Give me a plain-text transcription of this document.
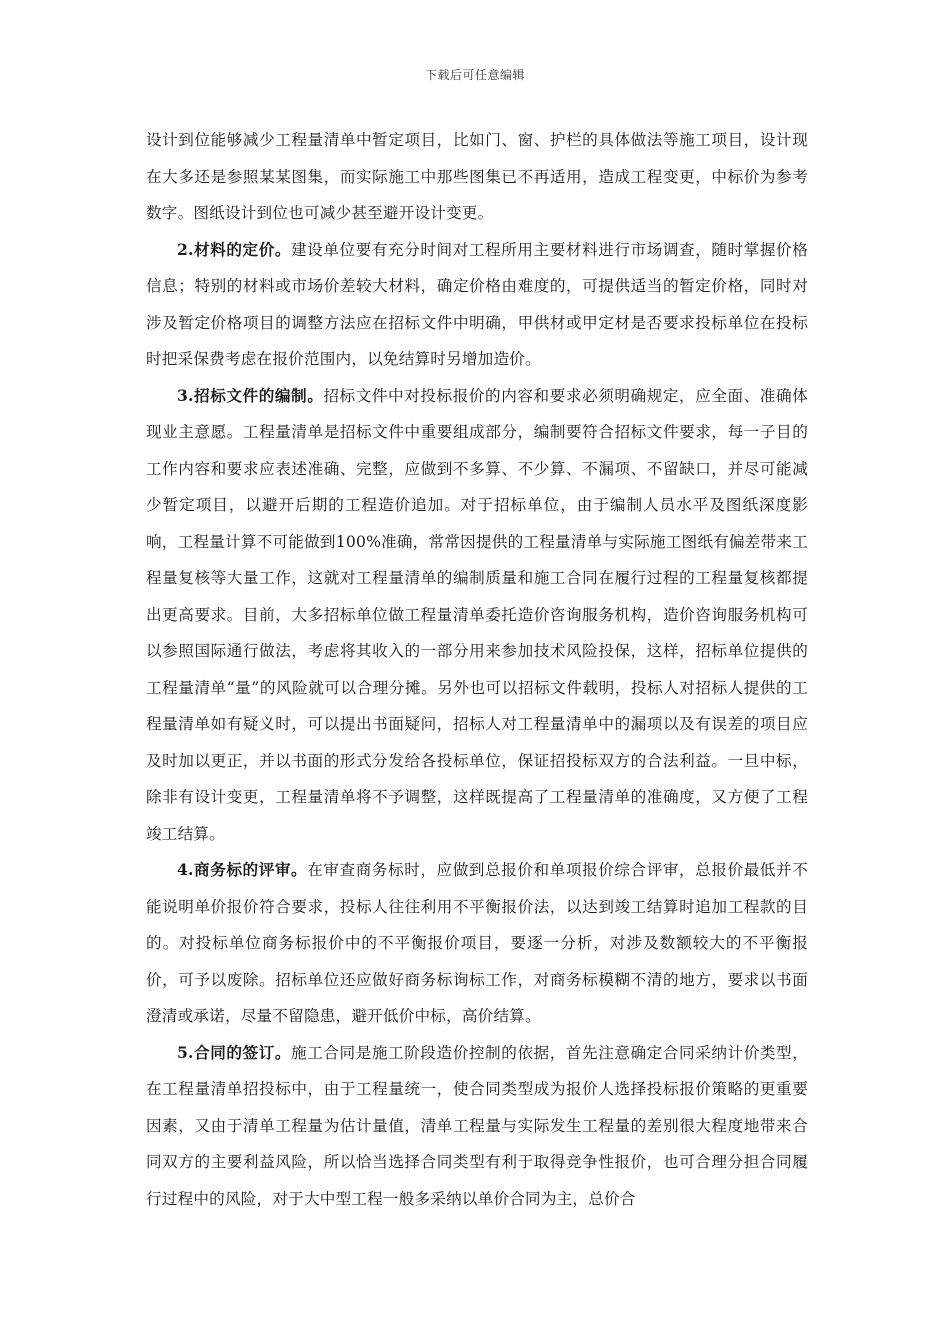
下载后可任意编辑

设计到位能够减少工程量清单中暂定项目，比如门、窗、护栏的具体做法等施工项目，设计现在大多还是参照某某图集，而实际施工中那些图集已不再适用，造成工程变更，中标价为参考数字。图纸设计到位也可减少甚至避开设计变更。

2.材料的定价。建设单位要有充分时间对工程所用主要材料进行市场调查，随时掌握价格信息；特别的材料或市场价差较大材料，确定价格由难度的，可提供适当的暂定价格，同时对涉及暂定价格项目的调整方法应在招标文件中明确，甲供材或甲定材是否要求投标单位在投标时把采保费考虑在报价范围内，以免结算时另增加造价。

3.招标文件的编制。招标文件中对投标报价的内容和要求必须明确规定，应全面、准确体现业主意愿。工程量清单是招标文件中重要组成部分，编制要符合招标文件要求，每一子目的工作内容和要求应表述准确、完整，应做到不多算、不少算、不漏项、不留缺口，并尽可能减少暂定项目，以避开后期的工程造价追加。对于招标单位，由于编制人员水平及图纸深度影响，工程量计算不可能做到100%准确，常常因提供的工程量清单与实际施工图纸有偏差带来工程量复核等大量工作，这就对工程量清单的编制质量和施工合同在履行过程的工程量复核都提出更高要求。目前，大多招标单位做工程量清单委托造价咨询服务机构，造价咨询服务机构可以参照国际通行做法，考虑将其收入的一部分用来参加技术风险投保，这样，招标单位提供的工程量清单“量”的风险就可以合理分摊。另外也可以招标文件载明，投标人对招标人提供的工程量清单如有疑义时，可以提出书面疑问，招标人对工程量清单中的漏项以及有误差的项目应及时加以更正，并以书面的形式分发给各投标单位，保证招投标双方的合法利益。一旦中标，除非有设计变更，工程量清单将不予调整，这样既提高了工程量清单的准确度，又方便了工程竣工结算。

4.商务标的评审。在审查商务标时，应做到总报价和单项报价综合评审，总报价最低并不能说明单价报价符合要求，投标人往往利用不平衡报价法，以达到竣工结算时追加工程款的目的。对投标单位商务标报价中的不平衡报价项目，要逐一分析，对涉及数额较大的不平衡报价，可予以废除。招标单位还应做好商务标询标工作，对商务标模糊不清的地方，要求以书面澄清或承诺，尽量不留隐患，避开低价中标，高价结算。

5.合同的签订。施工合同是施工阶段造价控制的依据，首先注意确定合同采纳计价类型，在工程量清单招投标中，由于工程量统一，使合同类型成为报价人选择投标报价策略的更重要因素，又由于清单工程量为估计量值，清单工程量与实际发生工程量的差别很大程度地带来合同双方的主要利益风险，所以恰当选择合同类型有利于取得竞争性报价，也可合理分担合同履行过程中的风险，对于大中型工程一般多采纳以单价合同为主，总价合
